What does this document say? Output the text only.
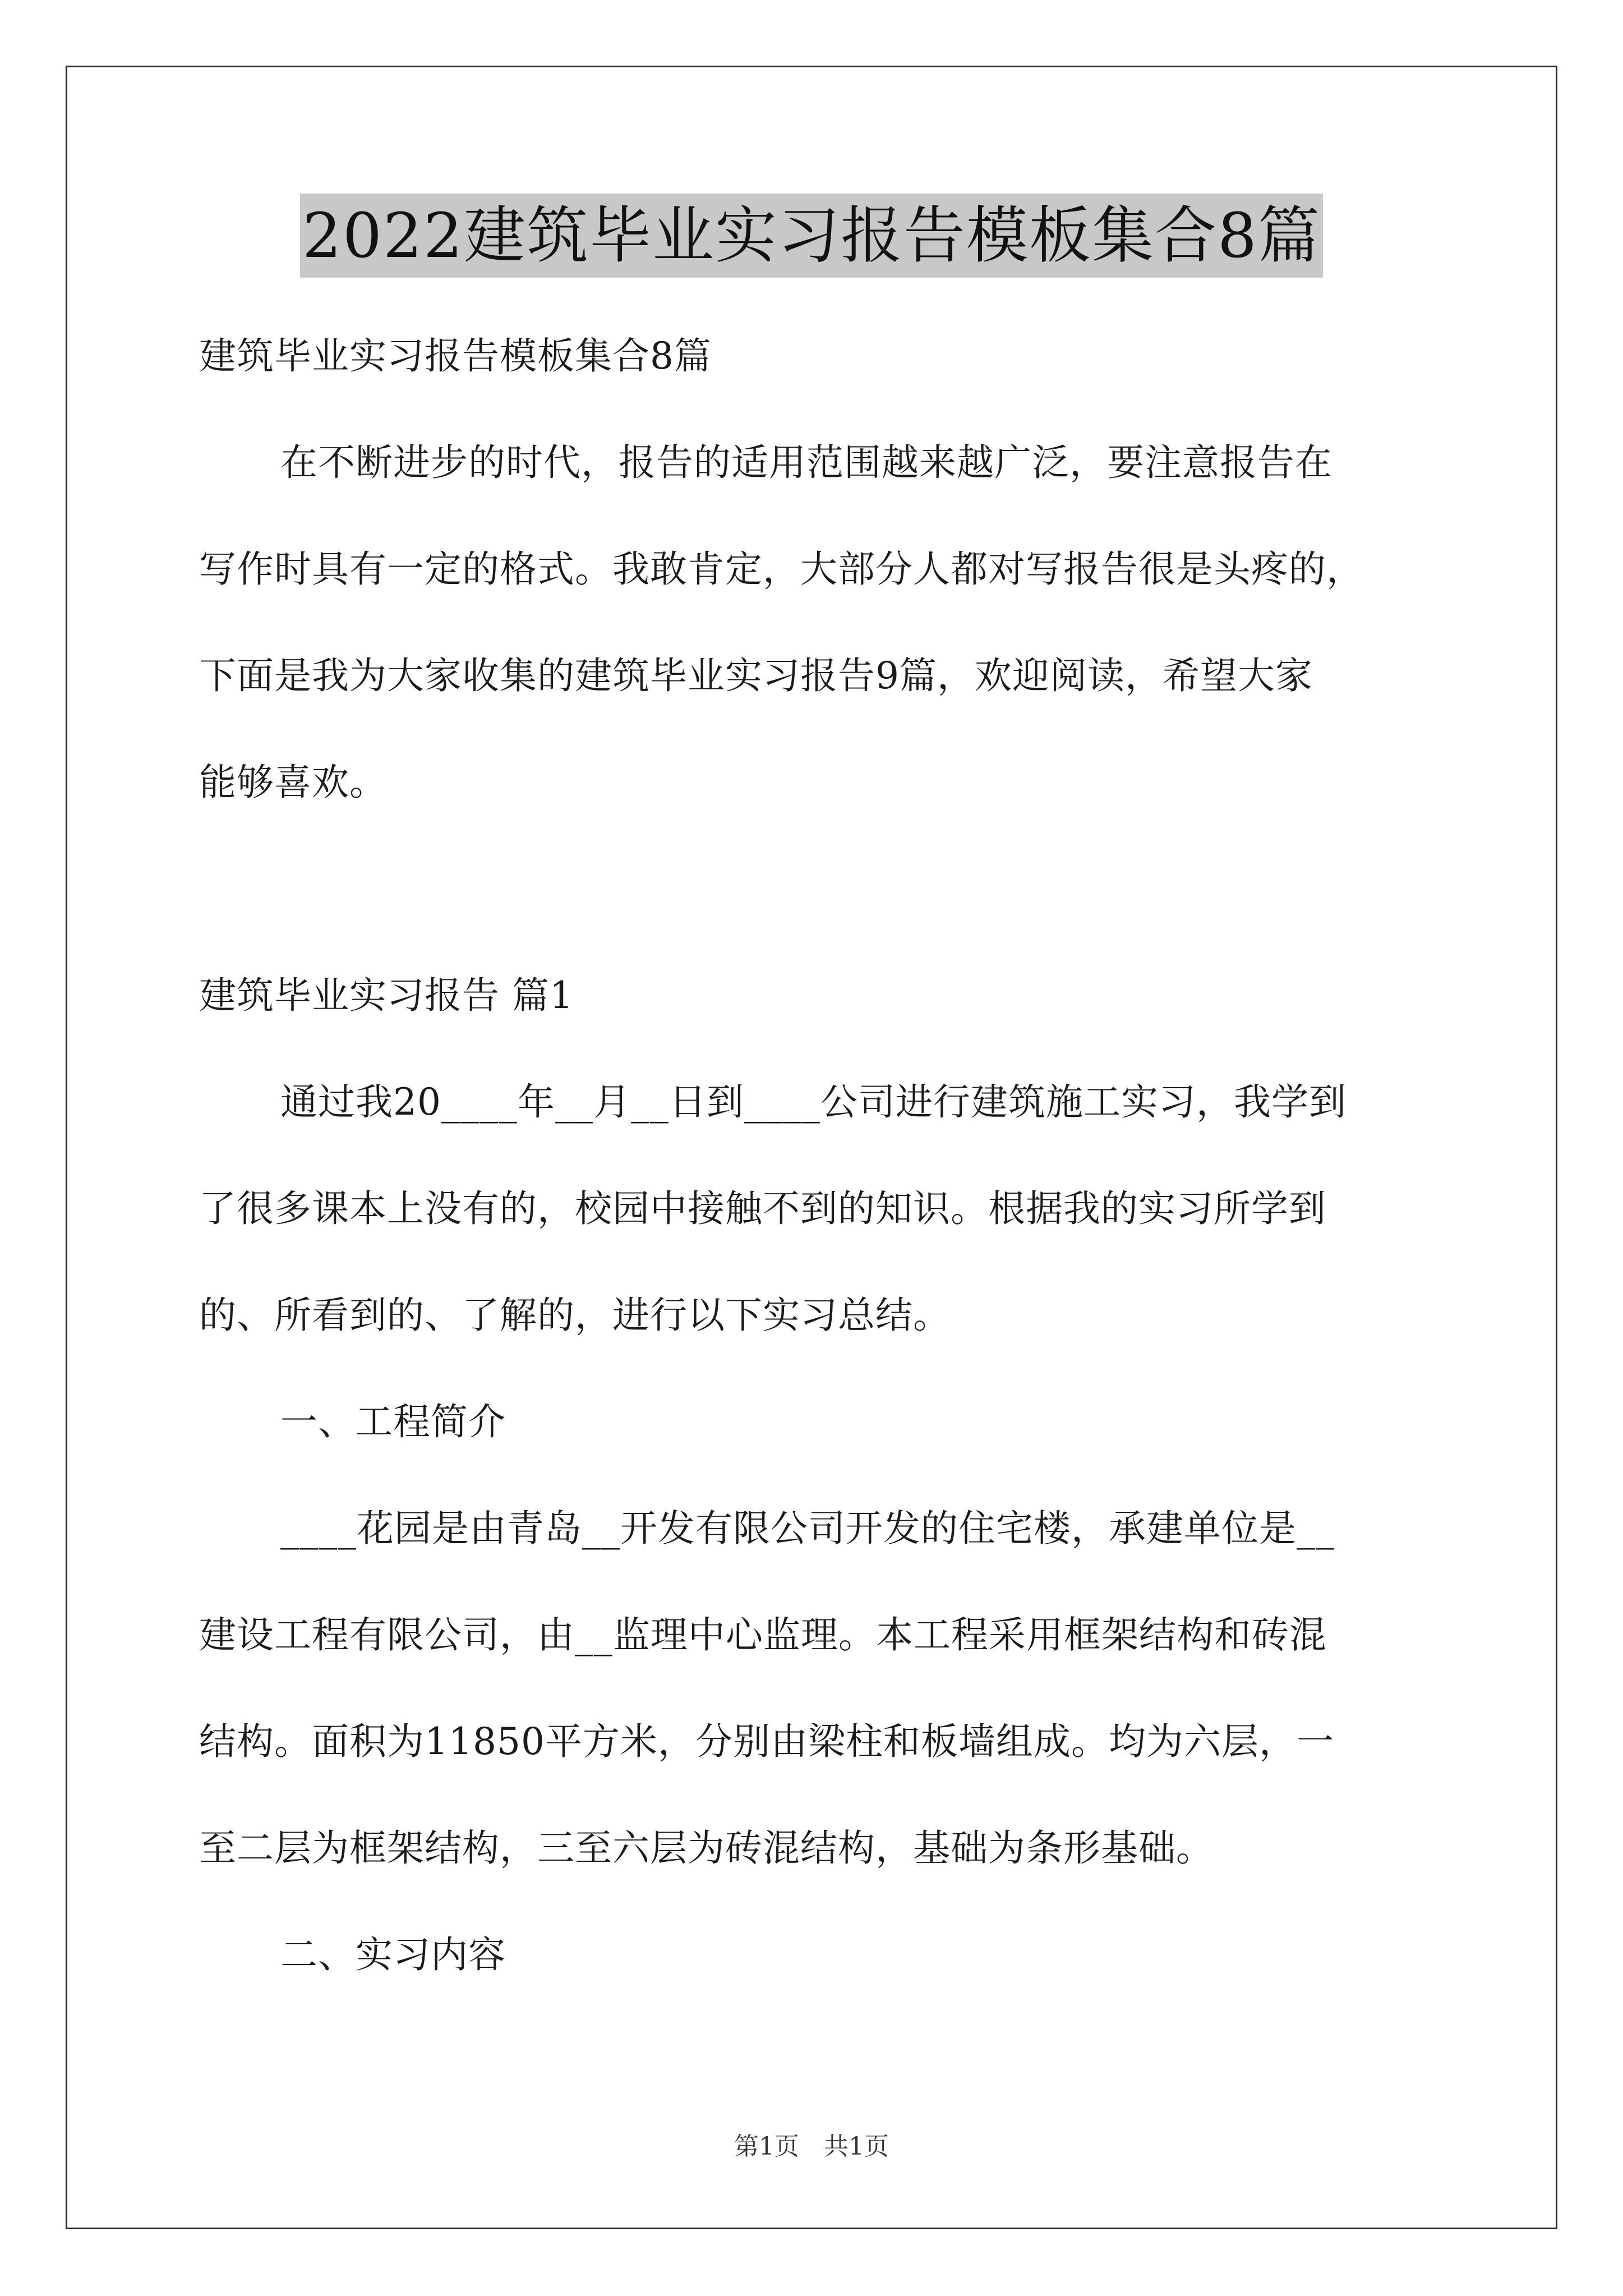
2022建筑毕业实习报告模板集合8篇
建筑毕业实习报告模板集合8篇
在不断进步的时代，报告的适用范围越来越广泛，要注意报告在
写作时具有一定的格式。我敢肯定，大部分人都对写报告很是头疼的，
下面是我为大家收集的建筑毕业实习报告9篇，欢迎阅读，希望大家
能够喜欢。
建筑毕业实习报告 篇1
通过我20____年__月__日到____公司进行建筑施工实习，我学到
了很多课本上没有的，校园中接触不到的知识。根据我的实习所学到
的、所看到的、了解的，进行以下实习总结。
一、工程简介
____花园是由青岛__开发有限公司开发的住宅楼，承建单位是__
建设工程有限公司，由__监理中心监理。本工程采用框架结构和砖混
结构。面积为11850平方米，分别由梁柱和板墙组成。均为六层，一
至二层为框架结构，三至六层为砖混结构，基础为条形基础。
二、实习内容
第1页　共1页
